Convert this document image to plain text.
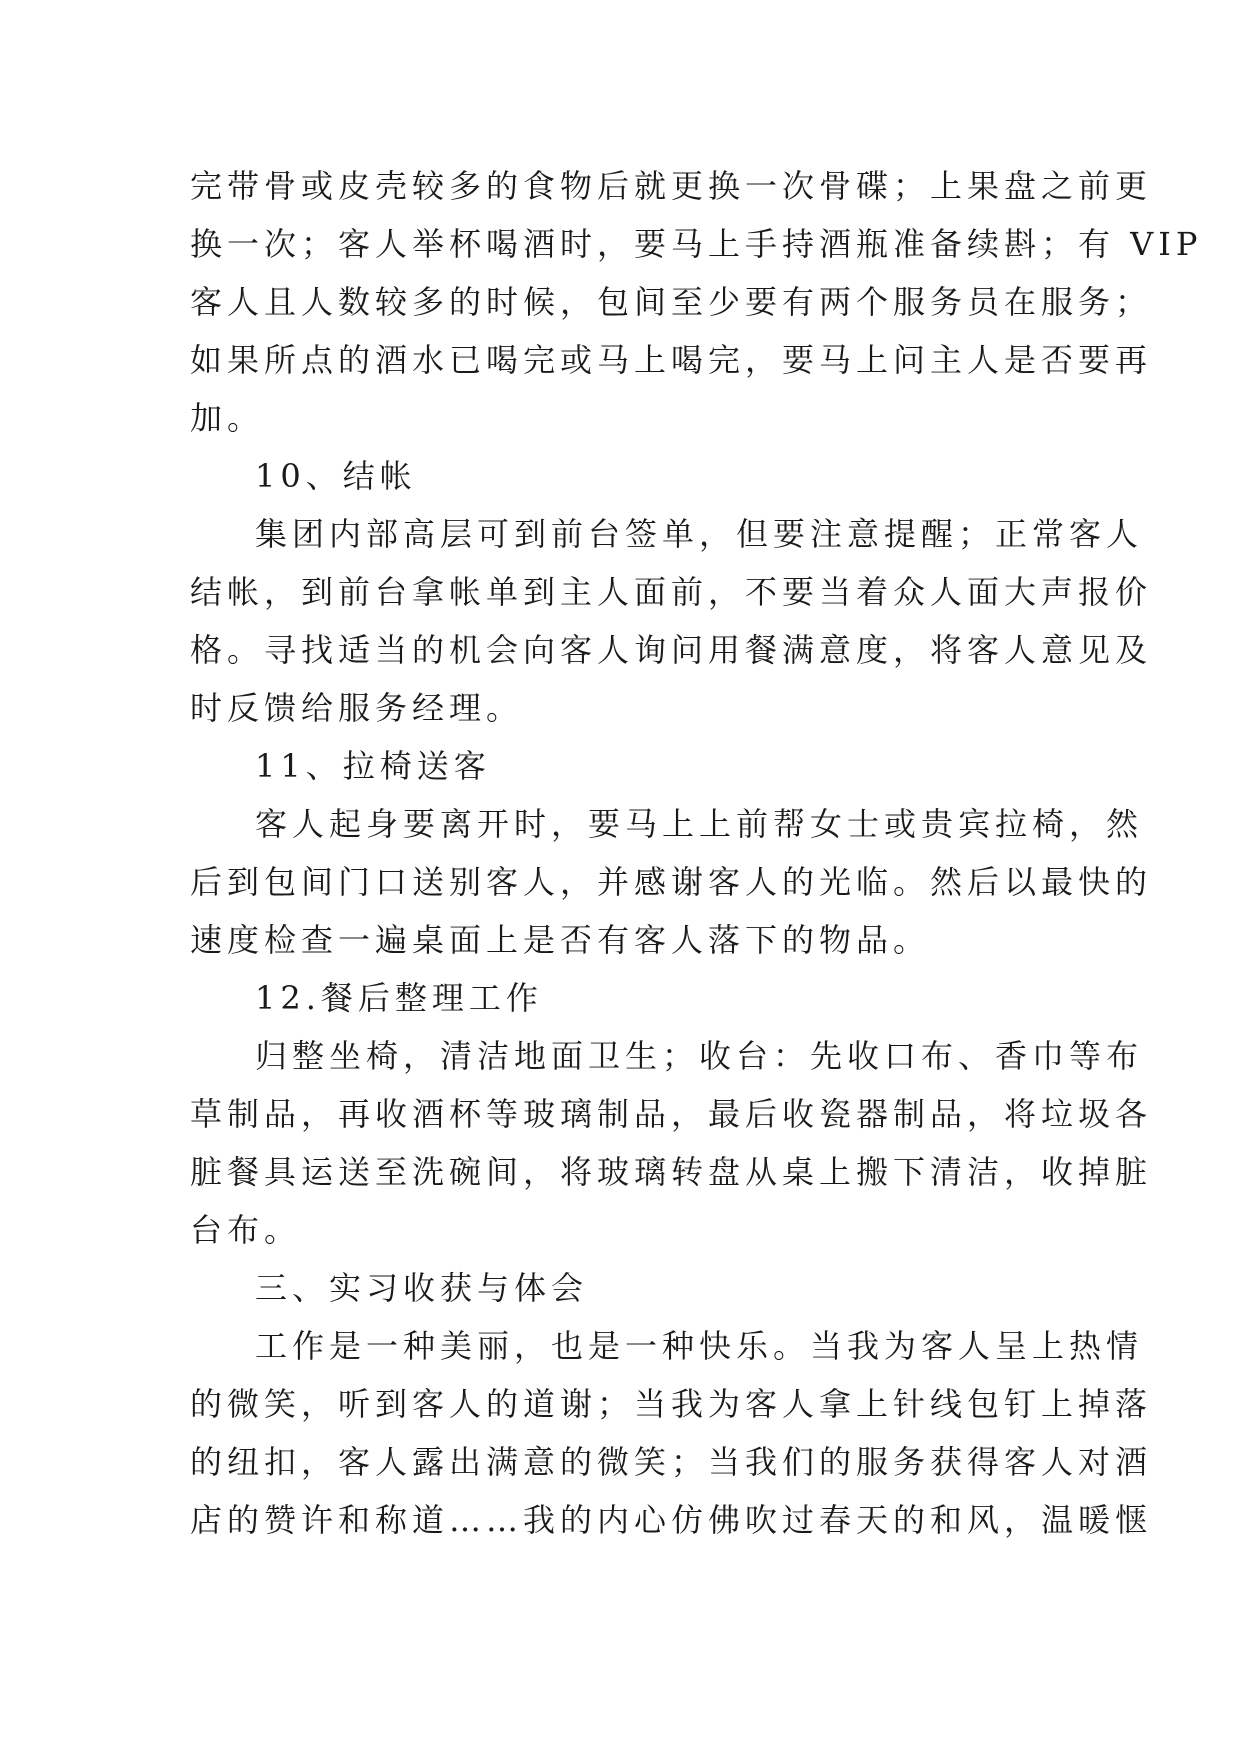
完带骨或皮壳较多的食物后就更换一次骨碟；上果盘之前更
换一次；客人举杯喝酒时，要马上手持酒瓶准备续斟；有 VIP
客人且人数较多的时候，包间至少要有两个服务员在服务；
如果所点的酒水已喝完或马上喝完，要马上问主人是否要再
加。
10、结帐
集团内部高层可到前台签单，但要注意提醒；正常客人
结帐，到前台拿帐单到主人面前，不要当着众人面大声报价
格。寻找适当的机会向客人询问用餐满意度，将客人意见及
时反馈给服务经理。
11、拉椅送客
客人起身要离开时，要马上上前帮女士或贵宾拉椅，然
后到包间门口送别客人，并感谢客人的光临。然后以最快的
速度检查一遍桌面上是否有客人落下的物品。
12.餐后整理工作
归整坐椅，清洁地面卫生；收台：先收口布、香巾等布
草制品，再收酒杯等玻璃制品，最后收瓷器制品，将垃圾各
脏餐具运送至洗碗间，将玻璃转盘从桌上搬下清洁，收掉脏
台布。
三、实习收获与体会
工作是一种美丽，也是一种快乐。当我为客人呈上热情
的微笑，听到客人的道谢；当我为客人拿上针线包钉上掉落
的纽扣，客人露出满意的微笑；当我们的服务获得客人对酒
店的赞许和称道……我的内心仿佛吹过春天的和风，温暖惬
